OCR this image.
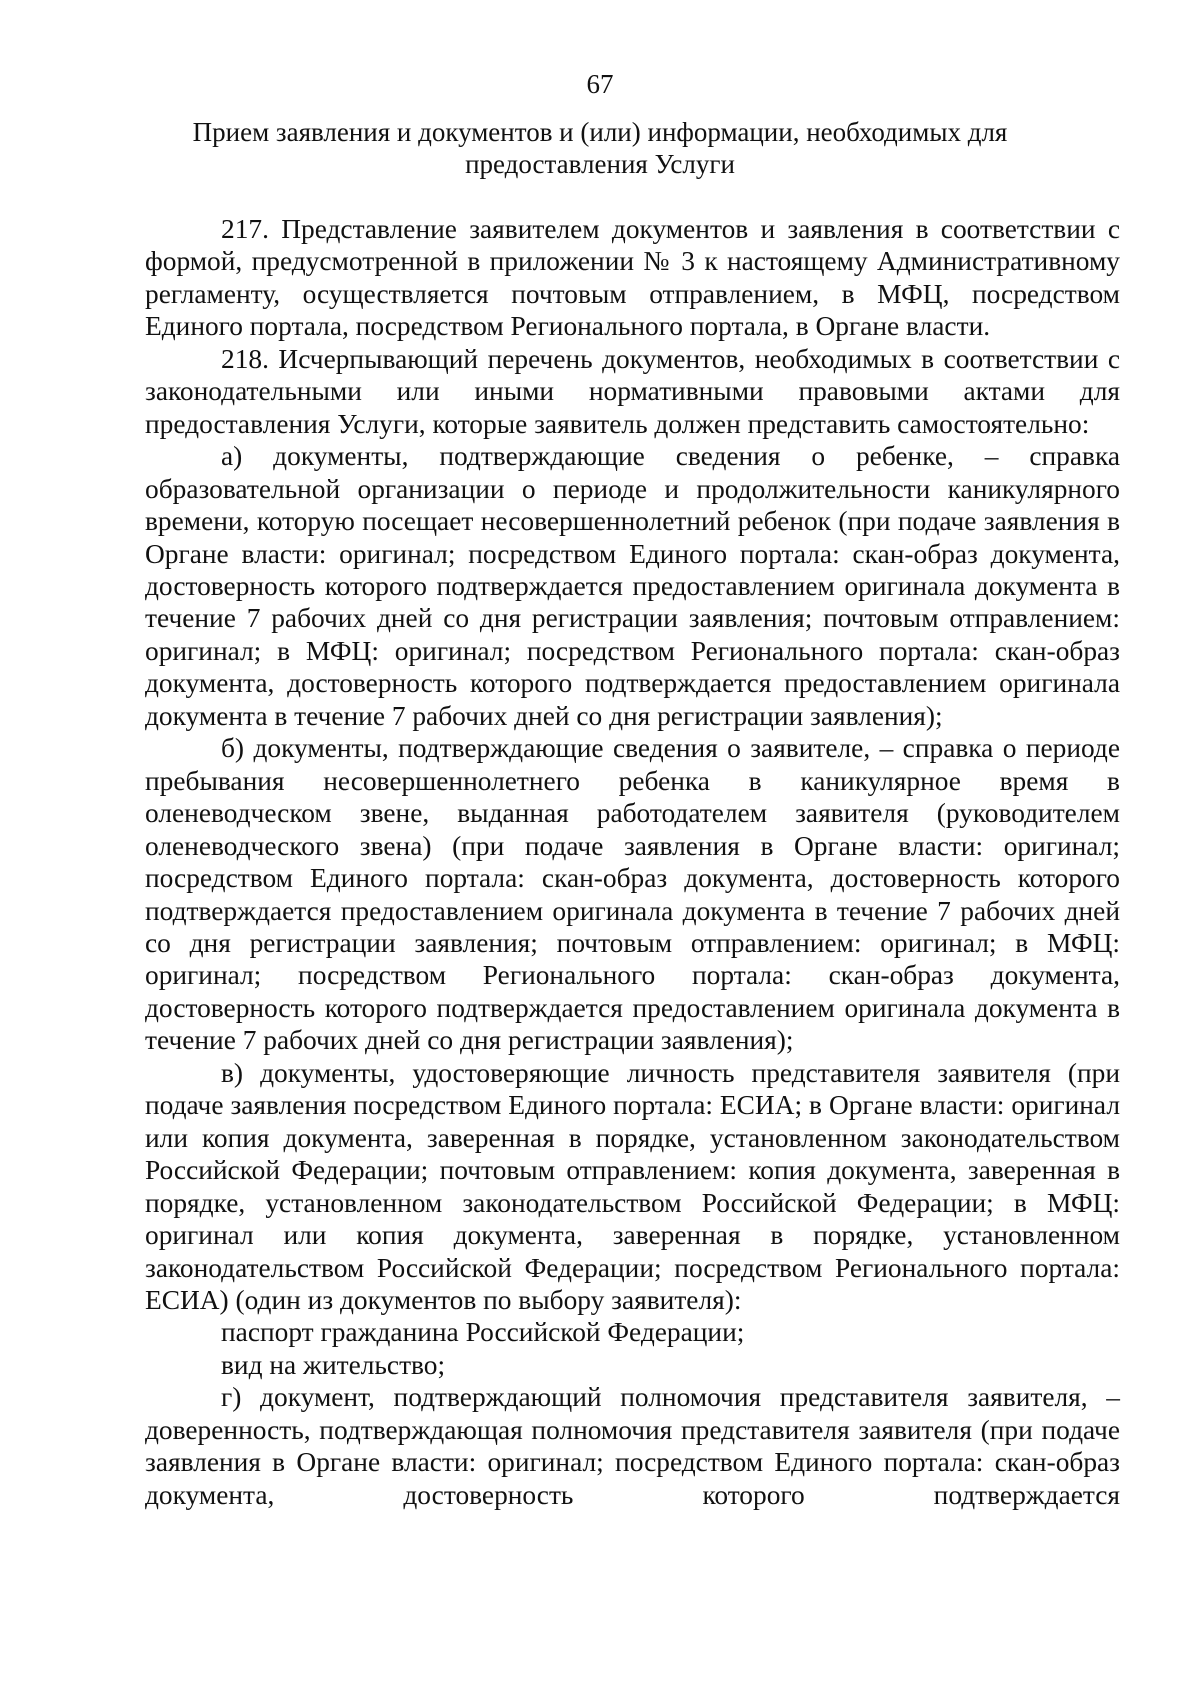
67
Прием заявления и документов и (или) информации, необходимых для
предоставления Услуги

217. Представление заявителем документов и заявления в соответствии с формой, предусмотренной в приложении № 3 к настоящему Административному регламенту, осуществляется почтовым отправлением, в МФЦ, посредством Единого портала, посредством Регионального портала, в Органе власти.

218. Исчерпывающий перечень документов, необходимых в соответствии с законодательными или иными нормативными правовыми актами для предоставления Услуги, которые заявитель должен представить самостоятельно:

а) документы, подтверждающие сведения о ребенке, – справка образовательной организации о периоде и продолжительности каникулярного времени, которую посещает несовершеннолетний ребенок (при подаче заявления в Органе власти: оригинал; посредством Единого портала: скан-образ документа, достоверность которого подтверждается предоставлением оригинала документа в течение 7 рабочих дней со дня регистрации заявления; почтовым отправлением: оригинал; в МФЦ: оригинал; посредством Регионального портала: скан-образ документа, достоверность которого подтверждается предоставлением оригинала документа в течение 7 рабочих дней со дня регистрации заявления);

б) документы, подтверждающие сведения о заявителе, – справка о периоде пребывания несовершеннолетнего ребенка в каникулярное время в оленеводческом звене, выданная работодателем заявителя (руководителем оленеводческого звена) (при подаче заявления в Органе власти: оригинал; посредством Единого портала: скан-образ документа, достоверность которого подтверждается предоставлением оригинала документа в течение 7 рабочих дней со дня регистрации заявления; почтовым отправлением: оригинал; в МФЦ: оригинал; посредством Регионального портала: скан-образ документа, достоверность которого подтверждается предоставлением оригинала документа в течение 7 рабочих дней со дня регистрации заявления);

в) документы, удостоверяющие личность представителя заявителя (при подаче заявления посредством Единого портала: ЕСИА; в Органе власти: оригинал или копия документа, заверенная в порядке, установленном законодательством Российской Федерации; почтовым отправлением: копия документа, заверенная в порядке, установленном законодательством Российской Федерации; в МФЦ: оригинал или копия документа, заверенная в порядке, установленном законодательством Российской Федерации; посредством Регионального портала: ЕСИА) (один из документов по выбору заявителя):

паспорт гражданина Российской Федерации;

вид на жительство;

г) документ, подтверждающий полномочия представителя заявителя, – доверенность, подтверждающая полномочия представителя заявителя (при подаче заявления в Органе власти: оригинал; посредством Единого портала: скан-образ документа, достоверность которого подтверждается
